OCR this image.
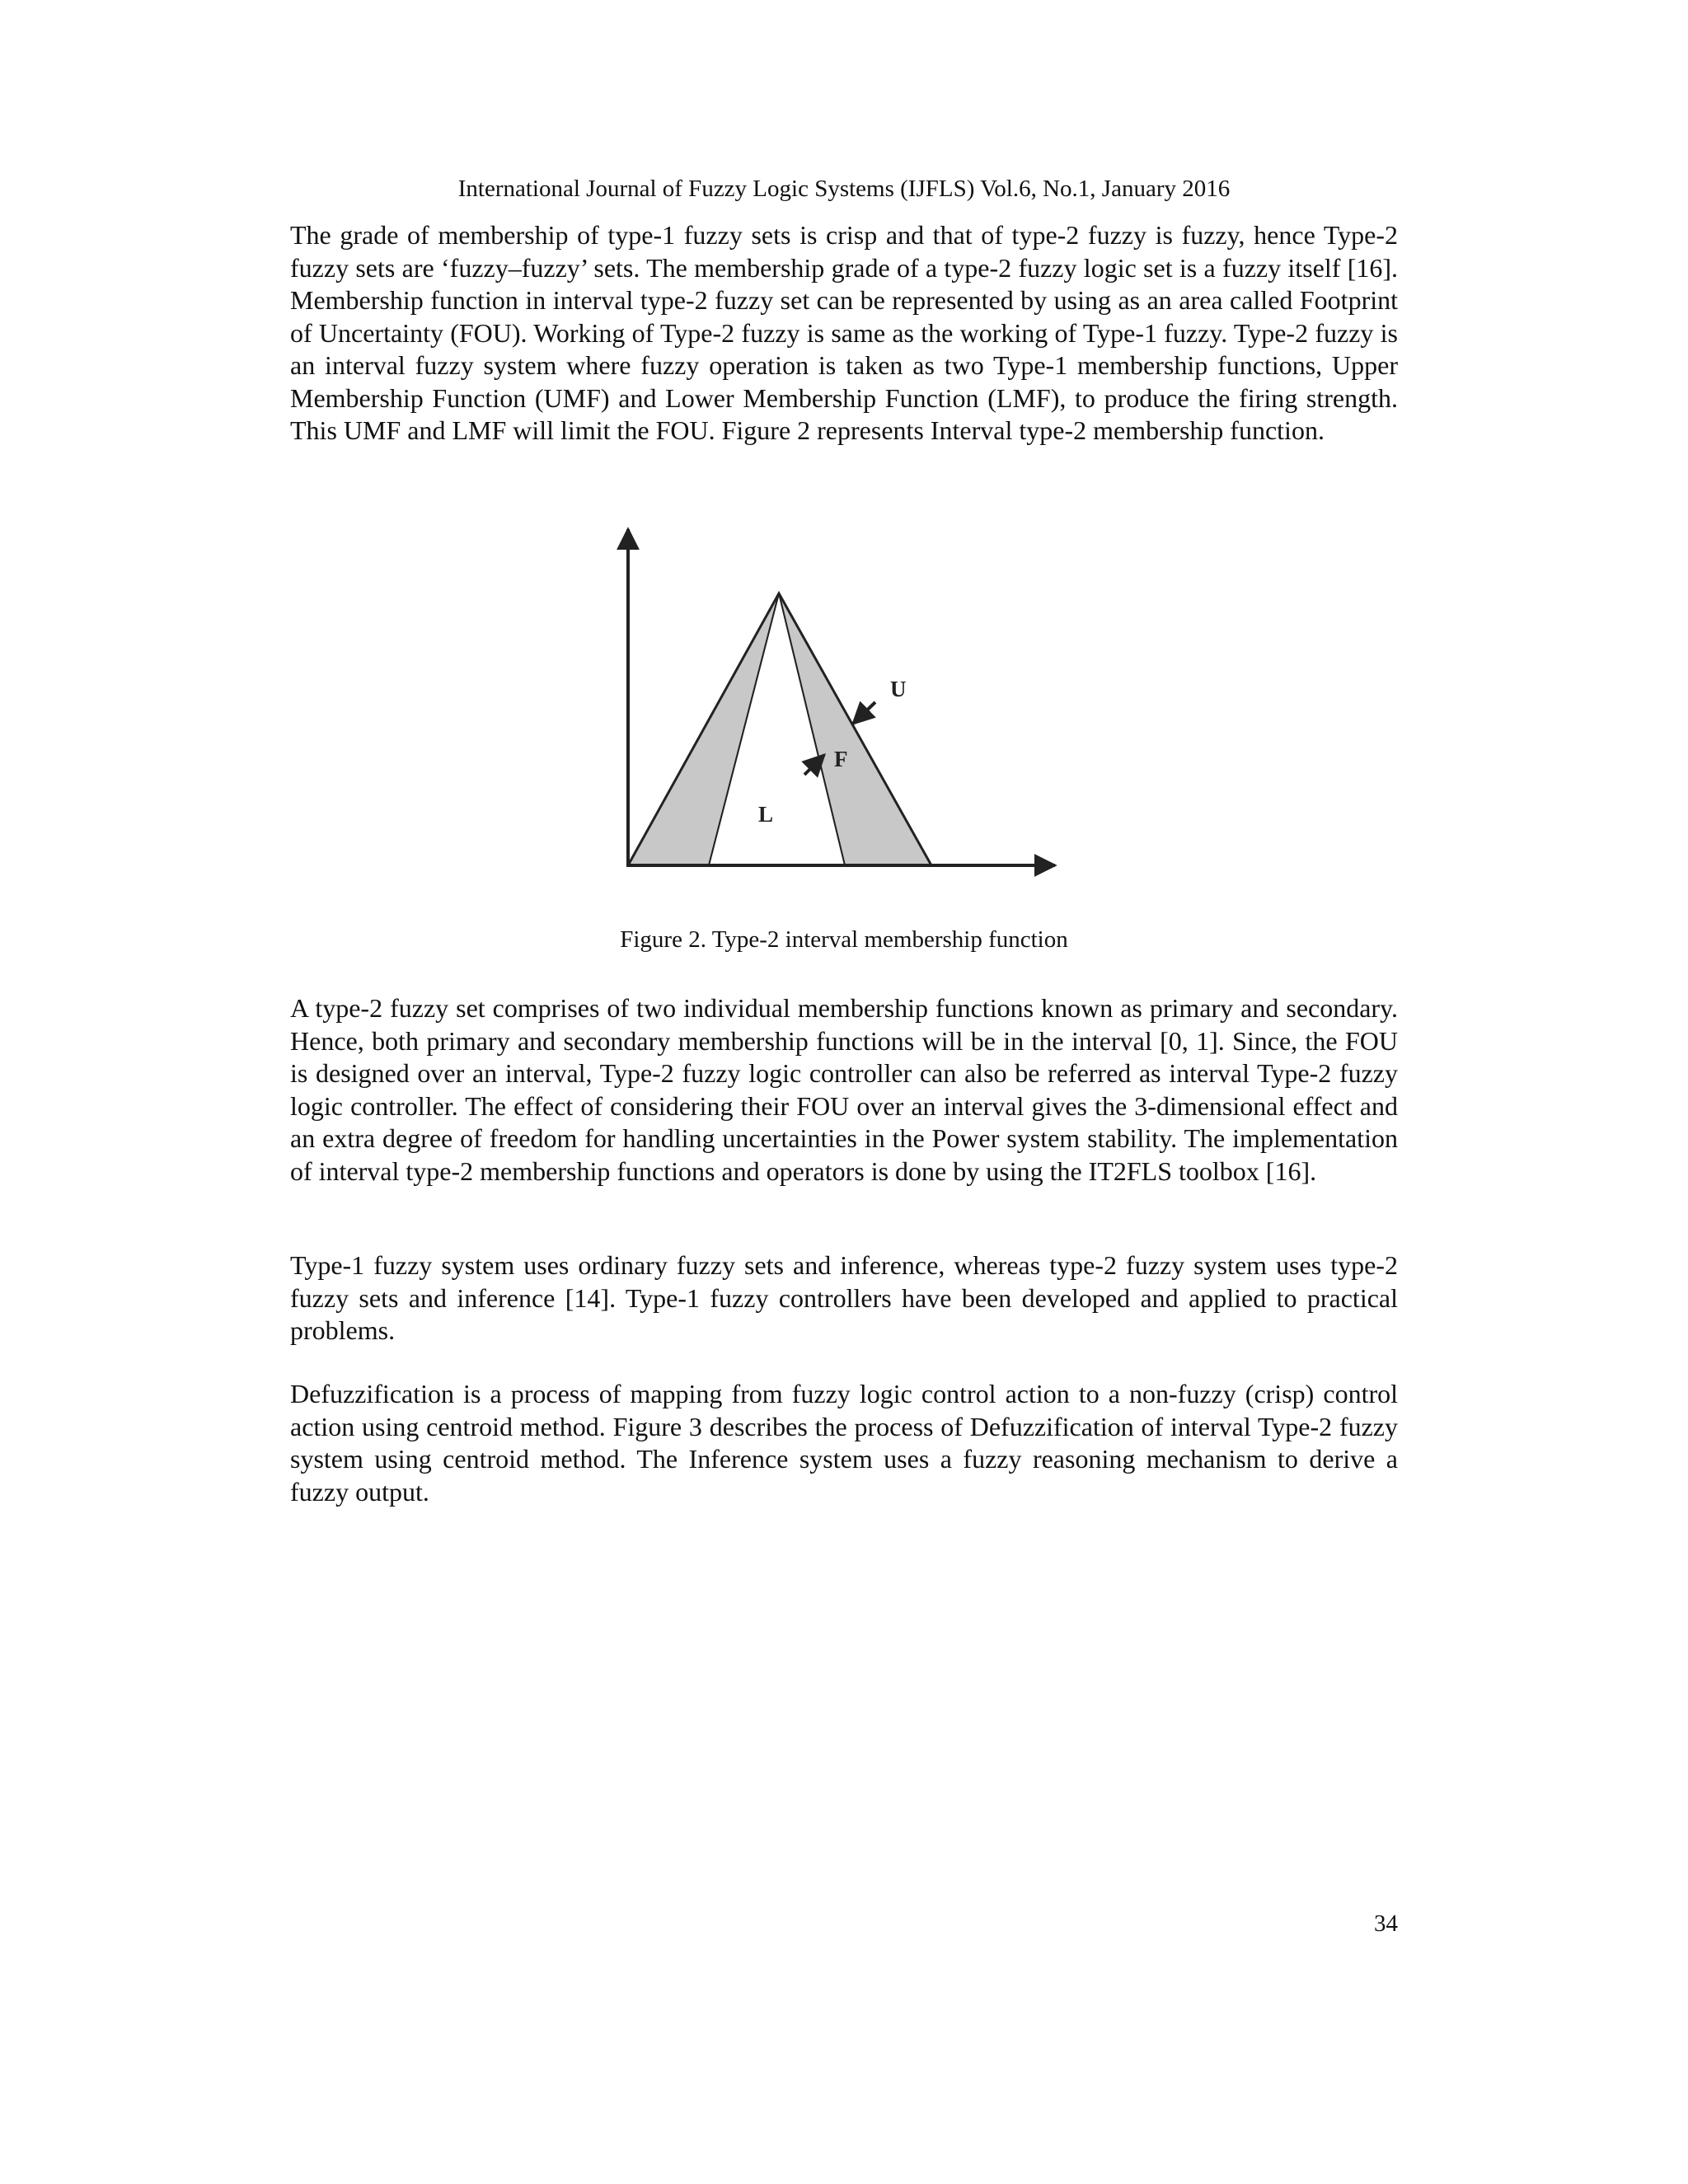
International Journal of Fuzzy Logic Systems (IJFLS) Vol.6, No.1, January 2016

The grade of membership of type-1 fuzzy sets is crisp and that of type-2 fuzzy is fuzzy, hence Type-2 fuzzy sets are ‘fuzzy–fuzzy’ sets. The membership grade of a type-2 fuzzy logic set is a fuzzy itself [16]. Membership function in interval type-2 fuzzy set can be represented by using as an area called Footprint of Uncertainty (FOU). Working of Type-2 fuzzy is same as the working of Type-1 fuzzy. Type-2 fuzzy is an interval fuzzy system where fuzzy operation is taken as two Type-1 membership functions, Upper Membership Function (UMF) and Lower Membership Function (LMF), to produce the firing strength. This UMF and LMF will limit the FOU. Figure 2 represents Interval type-2 membership function.

U
F
L
Figure 2. Type-2 interval membership function

A type-2 fuzzy set comprises of two individual membership functions known as primary and secondary. Hence, both primary and secondary membership functions will be in the interval [0, 1]. Since, the FOU is designed over an interval, Type-2 fuzzy logic controller can also be referred as interval Type-2 fuzzy logic controller. The effect of considering their FOU over an interval gives the 3-dimensional effect and an extra degree of freedom for handling uncertainties in the Power system stability. The implementation of interval type-2 membership functions and operators is done by using the IT2FLS toolbox [16].

Type-1 fuzzy system uses ordinary fuzzy sets and inference, whereas type-2 fuzzy system uses type-2 fuzzy sets and inference [14]. Type-1 fuzzy controllers have been developed and applied to practical problems.

Defuzzification is a process of mapping from fuzzy logic control action to a non-fuzzy (crisp) control action using centroid method. Figure 3 describes the process of Defuzzification of interval Type-2 fuzzy system using centroid method. The Inference system uses a fuzzy reasoning mechanism to derive a fuzzy output.

34
